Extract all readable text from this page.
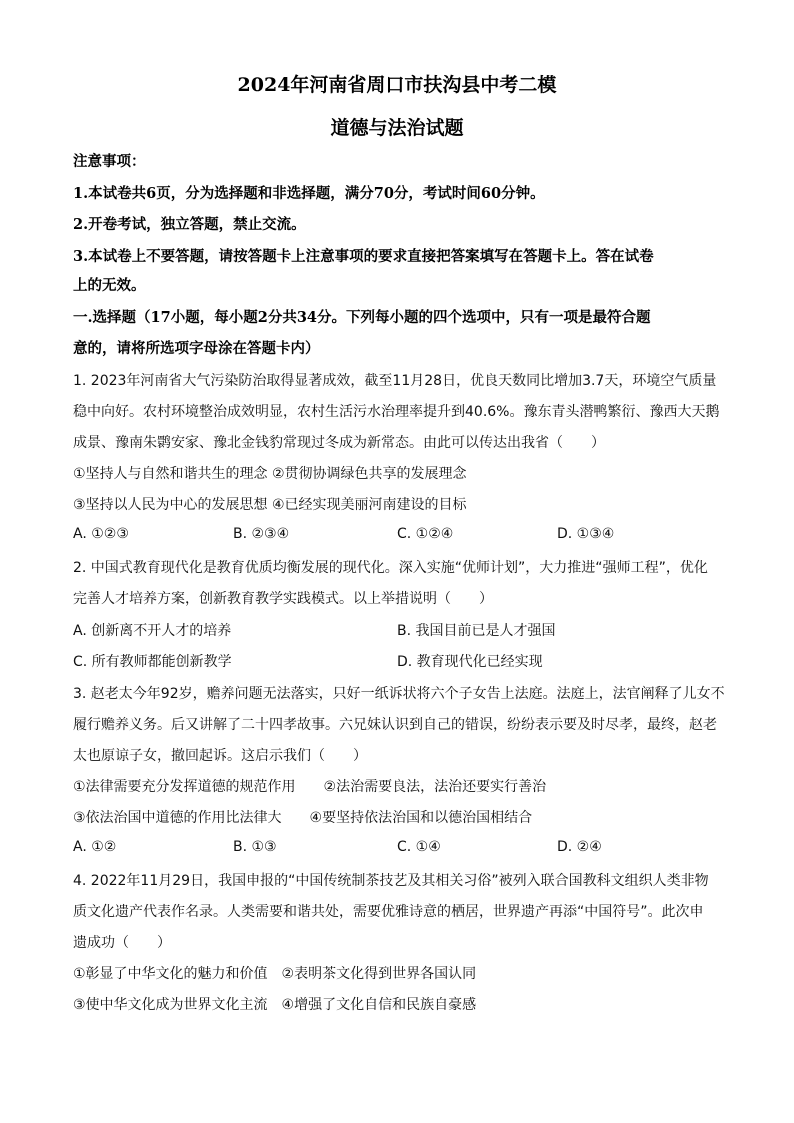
2024年河南省周口市扶沟县中考二模
道德与法治试题
注意事项：
1.本试卷共6页，分为选择题和非选择题，满分70分，考试时间60分钟。
2.开卷考试，独立答题，禁止交流。
3.本试卷上不要答题，请按答题卡上注意事项的要求直接把答案填写在答题卡上。答在试卷
上的无效。
一.选择题（17小题，每小题2分共34分。下列每小题的四个选项中，只有一项是最符合题
意的，请将所选项字母涂在答题卡内）
1. 2023年河南省大气污染防治取得显著成效，截至11月28日，优良天数同比增加3.7天，环境空气质量
稳中向好。农村环境整治成效明显，农村生活污水治理率提升到40.6%。豫东青头潜鸭繁衍、豫西大天鹅
成景、豫南朱鹮安家、豫北金钱豹常现过冬成为新常态。由此可以传达出我省（　　）
①坚持人与自然和谐共生的理念 ②贯彻协调绿色共享的发展理念
③坚持以人民为中心的发展思想 ④已经实现美丽河南建设的目标
A. ①②③	B. ②③④	C. ①②④	D. ①③④
2. 中国式教育现代化是教育优质均衡发展的现代化。深入实施“优师计划”，大力推进“强师工程”，优化
完善人才培养方案，创新教育教学实践模式。以上举措说明（　　）
A. 创新离不开人才的培养	B. 我国目前已是人才强国
C. 所有教师都能创新教学	D. 教育现代化已经实现
3. 赵老太今年92岁，赡养问题无法落实，只好一纸诉状将六个子女告上法庭。法庭上，法官阐释了儿女不
履行赡养义务。后又讲解了二十四孝故事。六兄妹认识到自己的错误，纷纷表示要及时尽孝，最终，赵老
太也原谅子女，撤回起诉。这启示我们（　　）
①法律需要充分发挥道德的规范作用　　②法治需要良法，法治还要实行善治
③依法治国中道德的作用比法律大　　④要坚持依法治国和以德治国相结合
A. ①②	B. ①③	C. ①④	D. ②④
4. 2022年11月29日，我国申报的“中国传统制茶技艺及其相关习俗”被列入联合国教科文组织人类非物
质文化遗产代表作名录。人类需要和谐共处，需要优雅诗意的栖居，世界遗产再添“中国符号”。此次申
遗成功（　　）
①彰显了中华文化的魅力和价值　②表明茶文化得到世界各国认同
③使中华文化成为世界文化主流　④增强了文化自信和民族自豪感
